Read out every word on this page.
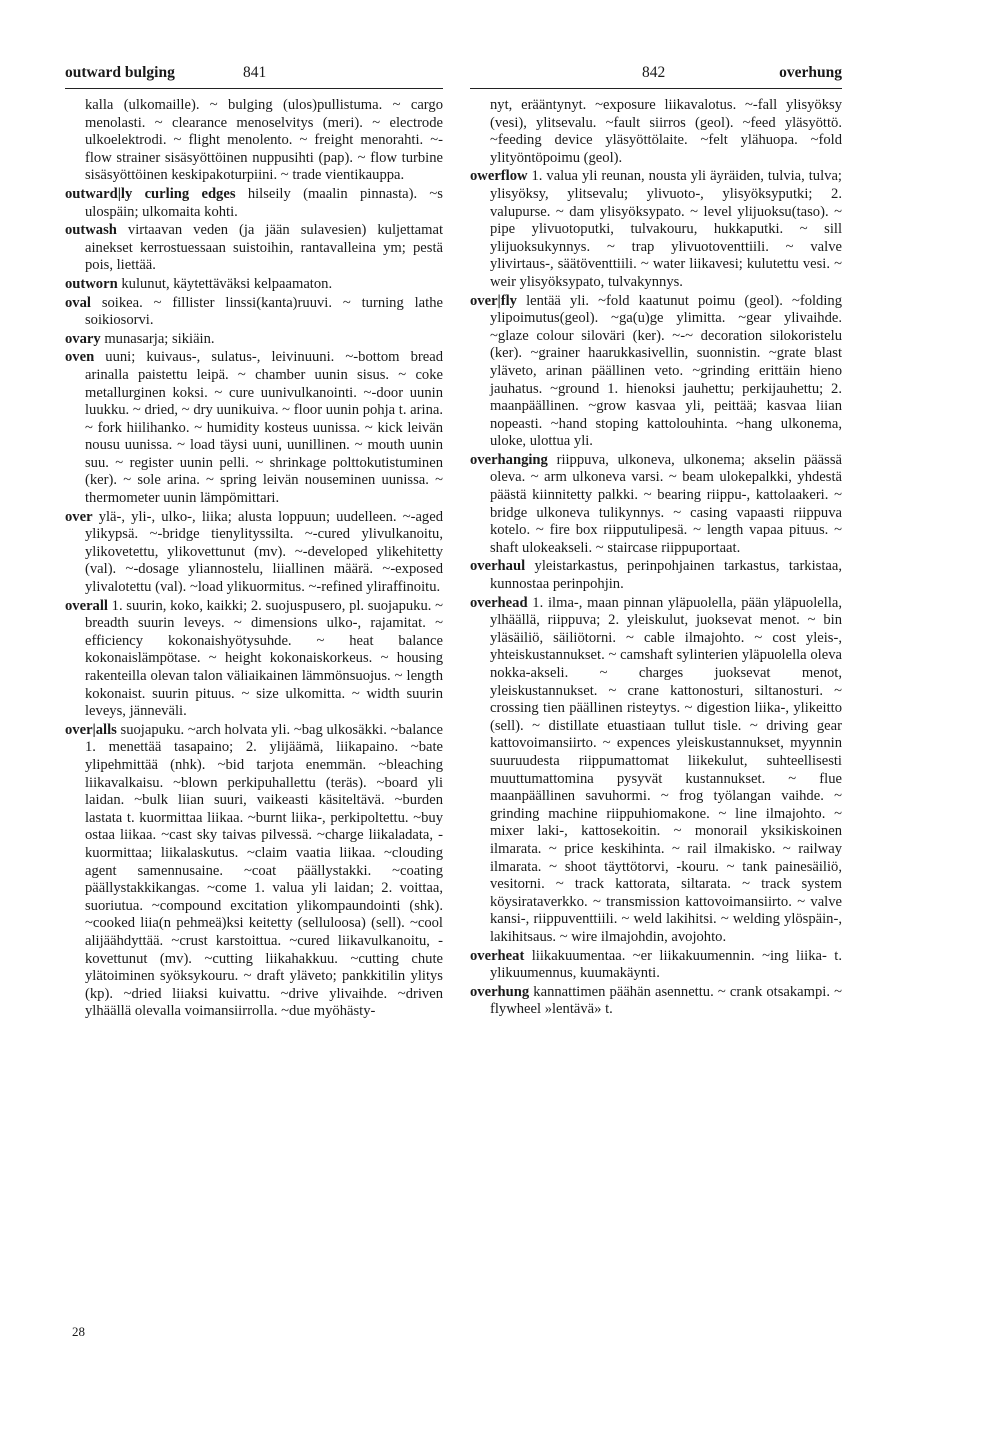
outward bulging	841	842	overhung

kalla (ulkomaille). ~ bulging (ulos)pullistuma. ~ cargo menolasti. ~ clearance menoselvitys (meri). ~ electrode ulkoelektrodi. ~ flight menolento. ~ freight menorahti. ~-flow strainer sisäsyöttöinen nuppusihti (pap). ~ flow turbine sisäsyöttöinen keskipakoturpiini. ~ trade vientikauppa.

outward|ly curling edges hilseily (maalin pinnasta). ~s ulospäin; ulkomaita kohti.

outwash virtaavan veden (ja jään sulavesien) kuljettamat ainekset kerrostuessaan suistoihin, rantavalleina ym; pestä pois, liettää.

outworn kulunut, käytettäväksi kelpaamaton.

oval soikea. ~ fillister linssi(kanta)ruuvi. ~ turning lathe soikiosorvi.

ovary munasarja; sikiäin.

oven uuni; kuivaus-, sulatus-, leivinuuni. ~-bottom bread arinalla paistettu leipä. ~ chamber uunin sisus. ~ coke metallurginen koksi. ~ cure uunivulkanointi. ~-door uunin luukku. ~ dried, ~ dry uunikuiva. ~ floor uunin pohja t. arina. ~ fork hiilihanko. ~ humidity kosteus uunissa. ~ kick leivän nousu uunissa. ~ load täysi uuni, uunillinen. ~ mouth uunin suu. ~ register uunin pelli. ~ shrinkage polttokutistuminen (ker). ~ sole arina. ~ spring leivän nouseminen uunissa. ~ thermometer uunin lämpömittari.

over ylä-, yli-, ulko-, liika; alusta loppuun; uudelleen. ~-aged ylikypsä. ~-bridge tienylityssilta. ~-cured ylivulkanoitu, ylikovetettu, ylikovettunut (mv). ~-developed ylikehitetty (val). ~-dosage yliannostelu, liiallinen määrä. ~-exposed ylivalotettu (val). ~load ylikuormitus. ~-refined yliraffinoitu.

overall 1. suurin, koko, kaikki; 2. suojuspusero, pl. suojapuku. ~ breadth suurin leveys. ~ dimensions ulko-, rajamitat. ~ efficiency kokonaishyötysuhde. ~ heat balance kokonaislämpötase. ~ height kokonaiskorkeus. ~ housing rakenteilla olevan talon väliaikainen lämmönsuojus. ~ length kokonaist. suurin pituus. ~ size ulkomitta. ~ width suurin leveys, jänneväli.

over|alls suojapuku. ~arch holvata yli. ~bag ulkosäkki. ~balance 1. menettää tasapaino; 2. ylijäämä, liikapaino. ~bate ylipehmittää (nhk). ~bid tarjota enemmän. ~bleaching liikavalkaisu. ~blown perkipuhallettu (teräs). ~board yli laidan. ~bulk liian suuri, vaikeasti käsiteltävä. ~burden lastata t. kuormittaa liikaa. ~burnt liika-, perkipoltettu. ~buy ostaa liikaa. ~cast sky taivas pilvessä. ~charge liikaladata, -kuormittaa; liikalaskutus. ~claim vaatia liikaa. ~clouding agent samennusaine. ~coat päällystakki. ~coating päällystakkikangas. ~come 1. valua yli laidan; 2. voittaa, suoriutua. ~compound excitation ylikompaundointi (shk). ~cooked liia(n pehmeä)ksi keitetty (selluloosa) (sell). ~cool alijäähdyttää. ~crust karstoittua. ~cured liikavulkanoitu, -kovettunut (mv). ~cutting liikahakkuu. ~cutting chute ylätoiminen syöksykouru. ~ draft yläveto; pankkitilin ylitys (kp). ~dried liiaksi kuivattu. ~drive ylivaihde. ~driven ylhäällä olevalla voimansiirrolla. ~due myöhästy-

nyt, erääntynyt. ~exposure liikavalotus. ~-fall ylisyöksy (vesi), ylitsevalu. ~fault siirros (geol). ~feed yläsyöttö. ~feeding device yläsyöttölaite. ~felt ylähuopa. ~fold ylityöntöpoimu (geol).

owerflow 1. valua yli reunan, nousta yli äyräiden, tulvia, tulva; ylisyöksy, ylitsevalu; ylivuoto-, ylisyöksyputki; 2. valupurse. ~ dam ylisyöksypato. ~ level ylijuoksu(taso). ~ pipe ylivuotoputki, tulvakouru, hukkaputki. ~ sill ylijuoksukynnys. ~ trap ylivuotoventtiili. ~ valve ylivirtaus-, säätöventtiili. ~ water liikavesi; kulutettu vesi. ~ weir ylisyöksypato, tulvakynnys.

over|fly lentää yli. ~fold kaatunut poimu (geol). ~folding ylipoimutus(geol). ~ga(u)ge ylimitta. ~gear ylivaihde. ~glaze colour siloväri (ker). ~-~ decoration silokoristelu (ker). ~grainer haarukkasivellin, suonnistin. ~grate blast yläveto, arinan päällinen veto. ~grinding erittäin hieno jauhatus. ~ground 1. hienoksi jauhettu; perkijauhettu; 2. maanpäällinen. ~grow kasvaa yli, peittää; kasvaa liian nopeasti. ~hand stoping kattolouhinta. ~hang ulkonema, uloke, ulottua yli.

overhanging riippuva, ulkoneva, ulkonema; akselin päässä oleva. ~ arm ulkoneva varsi. ~ beam ulokepalkki, yhdestä päästä kiinnitetty palkki. ~ bearing riippu-, kattolaakeri. ~ bridge ulkoneva tulikynnys. ~ casing vapaasti riippuva kotelo. ~ fire box riipputulipesä. ~ length vapaa pituus. ~ shaft ulokeakseli. ~ staircase riippuportaat.

overhaul yleistarkastus, perinpohjainen tarkastus, tarkistaa, kunnostaa perinpohjin.

overhead 1. ilma-, maan pinnan yläpuolella, pään yläpuolella, ylhäällä, riippuva; 2. yleiskulut, juoksevat menot. ~ bin yläsäiliö, säiliötorni. ~ cable ilmajohto. ~ cost yleis-, yhteiskustannukset. ~ camshaft sylinterien yläpuolella oleva nokka-akseli. ~ charges juoksevat menot, yleiskustannukset. ~ crane kattonosturi, siltanosturi. ~ crossing tien päällinen risteytys. ~ digestion liika-, ylikeitto (sell). ~ distillate etuastiaan tullut tisle. ~ driving gear kattovoimansiirto. ~ expences yleiskustannukset, myynnin suuruudesta riippumattomat liikekulut, suhteellisesti muuttumattomina pysyvät kustannukset. ~ flue maanpäällinen savuhormi. ~ frog työlangan vaihde. ~ grinding machine riippuhiomakone. ~ line ilmajohto. ~ mixer laki-, kattosekoitin. ~ monorail yksikiskoinen ilmarata. ~ price keskihinta. ~ rail ilmakisko. ~ railway ilmarata. ~ shoot täyttötorvi, -kouru. ~ tank painesäiliö, vesitorni. ~ track kattorata, siltarata. ~ track system köysirataverkko. ~ transmission kattovoimansiirto. ~ valve kansi-, riippuventtiili. ~ weld lakihitsi. ~ welding ylöspäin-, lakihitsaus. ~ wire ilmajohdin, avojohto.

overheat liikakuumentaa. ~er liikakuumennin. ~ing liika- t. ylikuumennus, kuumakäynti.

overhung kannattimen päähän asennettu. ~ crank otsakampi. ~ flywheel »lentävä» t.

28
